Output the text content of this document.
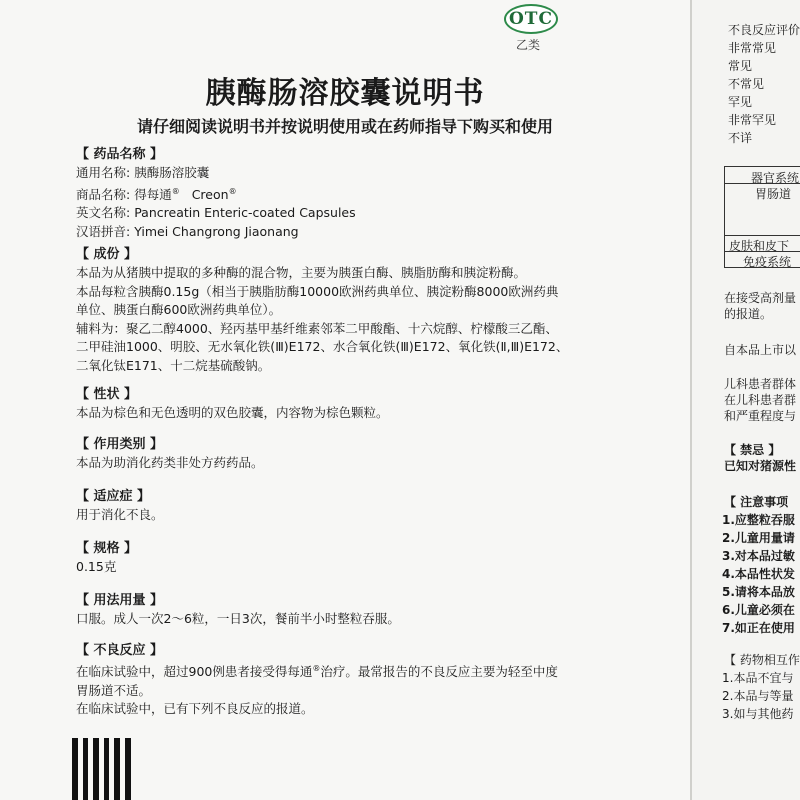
OTC
乙类
胰酶肠溶胶囊说明书
请仔细阅读说明书并按说明使用或在药师指导下购买和使用
【 药品名称 】
通用名称: 胰酶肠溶胶囊
商品名称: 得每通® Creon®
英文名称: Pancreatin Enteric-coated Capsules
汉语拼音: Yimei Changrong Jiaonang
【 成份 】
本品为从猪胰中提取的多种酶的混合物，主要为胰蛋白酶、胰脂肪酶和胰淀粉酶。
本品每粒含胰酶0.15g（相当于胰脂肪酶10000欧洲药典单位、胰淀粉酶8000欧洲药典
单位、胰蛋白酶600欧洲药典单位）。
辅料为：聚乙二醇4000、羟丙基甲基纤维素邻苯二甲酸酯、十六烷醇、柠檬酸三乙酯、
二甲硅油1000、明胶、无水氧化铁(Ⅲ)E172、水合氧化铁(Ⅲ)E172、氧化铁(Ⅱ,Ⅲ)E172、
二氧化钛E171、十二烷基硫酸钠。
【 性状 】
本品为棕色和无色透明的双色胶囊，内容物为棕色颗粒。
【 作用类别 】
本品为助消化药类非处方药药品。
【 适应症 】
用于消化不良。
【 规格 】
0.15克
【 用法用量 】
口服。成人一次2～6粒，一日3次，餐前半小时整粒吞服。
【 不良反应 】
在临床试验中，超过900例患者接受得每通®治疗。最常报告的不良反应主要为轻至中度
胃肠道不适。
在临床试验中，已有下列不良反应的报道。
不良反应评价
非常常见
常见
不常见
罕见
非常罕见
不详
器官系统
胃肠道
皮肤和皮下
免疫系统
在接受高剂量
的报道。
自本品上市以
儿科患者群体
在儿科患者群
和严重程度与
【 禁忌 】
已知对猪源性
【 注意事项
1.应整粒吞服
2.儿童用量请
3.对本品过敏
4.本品性状发
5.请将本品放
6.儿童必须在
7.如正在使用
【 药物相互作
1.本品不宜与
2.本品与等量
3.如与其他药
